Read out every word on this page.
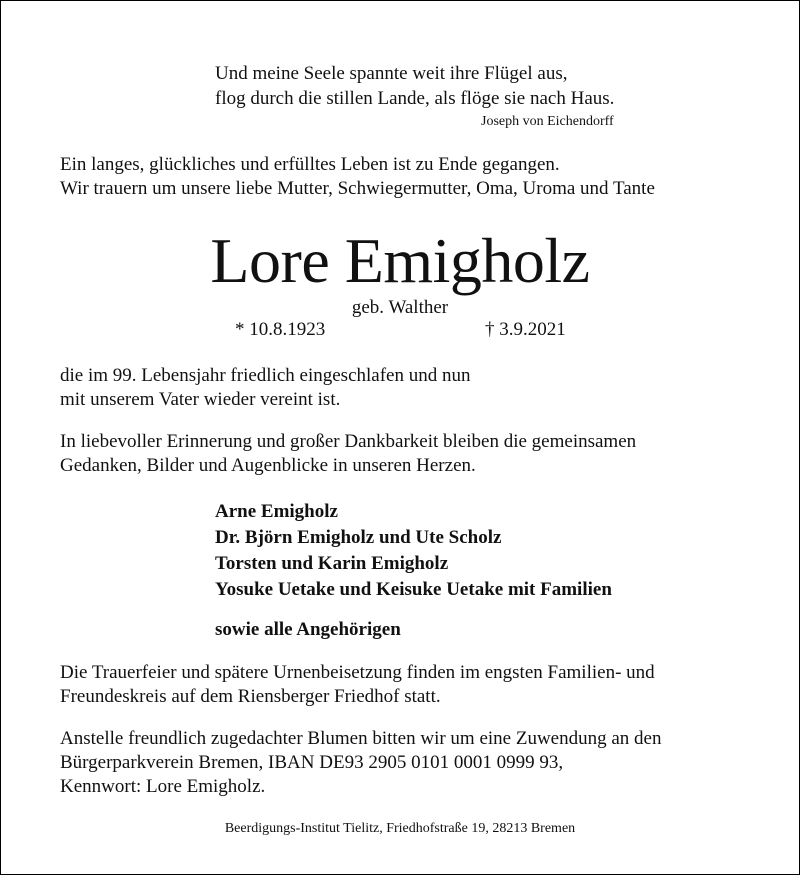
Und meine Seele spannte weit ihre Flügel aus,
flog durch die stillen Lande, als flöge sie nach Haus.
Joseph von Eichendorff
Ein langes, glückliches und erfülltes Leben ist zu Ende gegangen.
Wir trauern um unsere liebe Mutter, Schwiegermutter, Oma, Uroma und Tante
Lore Emigholz
geb. Walther
* 10.8.1923	† 3.9.2021
die im 99. Lebensjahr friedlich eingeschlafen und nun
mit unserem Vater wieder vereint ist.
In liebevoller Erinnerung und großer Dankbarkeit bleiben die gemeinsamen
Gedanken, Bilder und Augenblicke in unseren Herzen.
Arne Emigholz
Dr. Björn Emigholz und Ute Scholz
Torsten und Karin Emigholz
Yosuke Uetake und Keisuke Uetake mit Familien
sowie alle Angehörigen
Die Trauerfeier und spätere Urnenbeisetzung finden im engsten Familien- und
Freundeskreis auf dem Riensberger Friedhof statt.
Anstelle freundlich zugedachter Blumen bitten wir um eine Zuwendung an den
Bürgerparkverein Bremen, IBAN DE93 2905 0101 0001 0999 93,
Kennwort: Lore Emigholz.
Beerdigungs-Institut Tielitz, Friedhofstraße 19, 28213 Bremen
